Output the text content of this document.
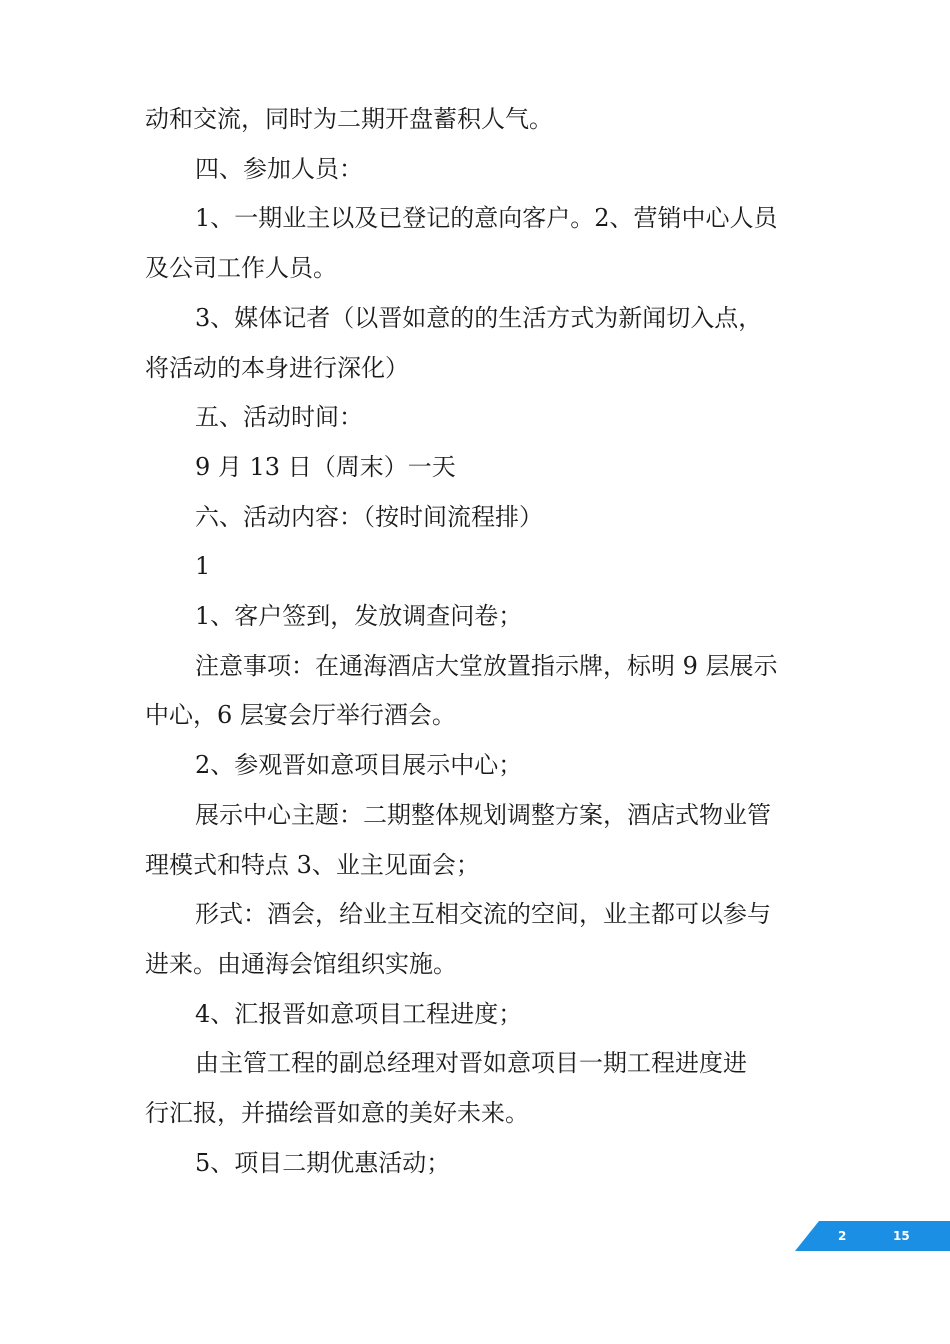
动和交流，同时为二期开盘蓄积人气。
四、参加人员：
1、一期业主以及已登记的意向客户。2、营销中心人员
及公司工作人员。
3、媒体记者（以晋如意的的生活方式为新闻切入点，
将活动的本身进行深化）
五、活动时间：
9 月 13 日（周末）一天
六、活动内容：（按时间流程排）
1
1、客户签到，发放调查问卷；
注意事项：在通海酒店大堂放置指示牌，标明 9 层展示
中心，6 层宴会厅举行酒会。
2、参观晋如意项目展示中心；
展示中心主题：二期整体规划调整方案，酒店式物业管
理模式和特点 3、业主见面会；
形式：酒会，给业主互相交流的空间，业主都可以参与
进来。由通海会馆组织实施。
4、汇报晋如意项目工程进度；
由主管工程的副总经理对晋如意项目一期工程进度进
行汇报，并描绘晋如意的美好未来。
5、项目二期优惠活动；
2	15
